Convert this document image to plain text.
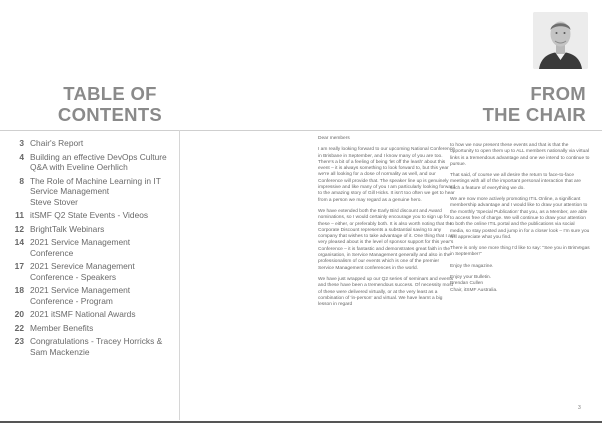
TABLE OF
CONTENTS
3 Chair's Report
4 Building an effective DevOps Culture
Q&A with Eveline Oerhlich
8 The Role of Machine Learning in IT Service Management
Steve Stover
11 itSMF Q2 State Events - Videos
12 BrightTalk Webinars
14 2021 Service Management Conference
17 2021 Serevice Management Conference - Speakers
18 2021 Service Management Conference - Program
20 2021 itSMF National Awards
22 Member Benefits
23 Congratulations - Tracey Horricks & Sam Mackenzie
FROM
THE CHAIR

Dear members

I am really looking forward to our upcoming National Conference in Brisbane in September, and I know many of you are too. There's a bit of a feeling of being 'let off the leash' about this event – it is always something to look forward to, but this year we're all looking for a dose of normality as well, and our Conference will provide that. The speaker line up is genuinely impressive and like many of you I am particularly looking forward to the amazing story of Gill Hicks. It isn't too often we get to hear from a person we may regard as a genuine hero.

We have extended both the Early Bird discount and Award nominations, so I would certainly encourage you to sign up for these – either, or preferably both. It is also worth noting that the Corporate Discount represents a substantial saving to any company that wishes to take advantage of it. One thing that I am very pleased about is the level of sponsor support for this year's Conference – it is fantastic and demonstrates great faith in the organisation, in Service Management generally and also in the professionalism of our events which is one of the premier Service Management conferences in the world.

We have just wrapped up our Q2 series of seminars and events and these have been a tremendous success. Of necessity most of these were delivered virtually, or at the very least as a combination of 'in-person' and virtual. We have learnt a big lesson in regard

to how we now present these events and that is that the opportunity to open them up to ALL members nationally via virtual links is a tremendous advantage and one we intend to continue to pursue.

That said, of course we all desire the return to face-to-face meetings with all of the important personal interaction that are such a feature of everything we do.

We are now more actively promoting ITIL Online, a significant membership advantage and I would like to draw your attention to the monthly 'Special Publication' that you, as a Member, are able to access free of charge. We will continue to draw your attention to both the online ITIL portal and the publications via social media, so stay posted and jump in for a closer look – I'm sure you will appreciate what you find.

There is only one more thing I'd like to say: "See you in BrisVegas in September!"

Enjoy the magazine.

Enjoy your Bulletin.
Brendan Cullen
Chair, itSMF Australia.

3
